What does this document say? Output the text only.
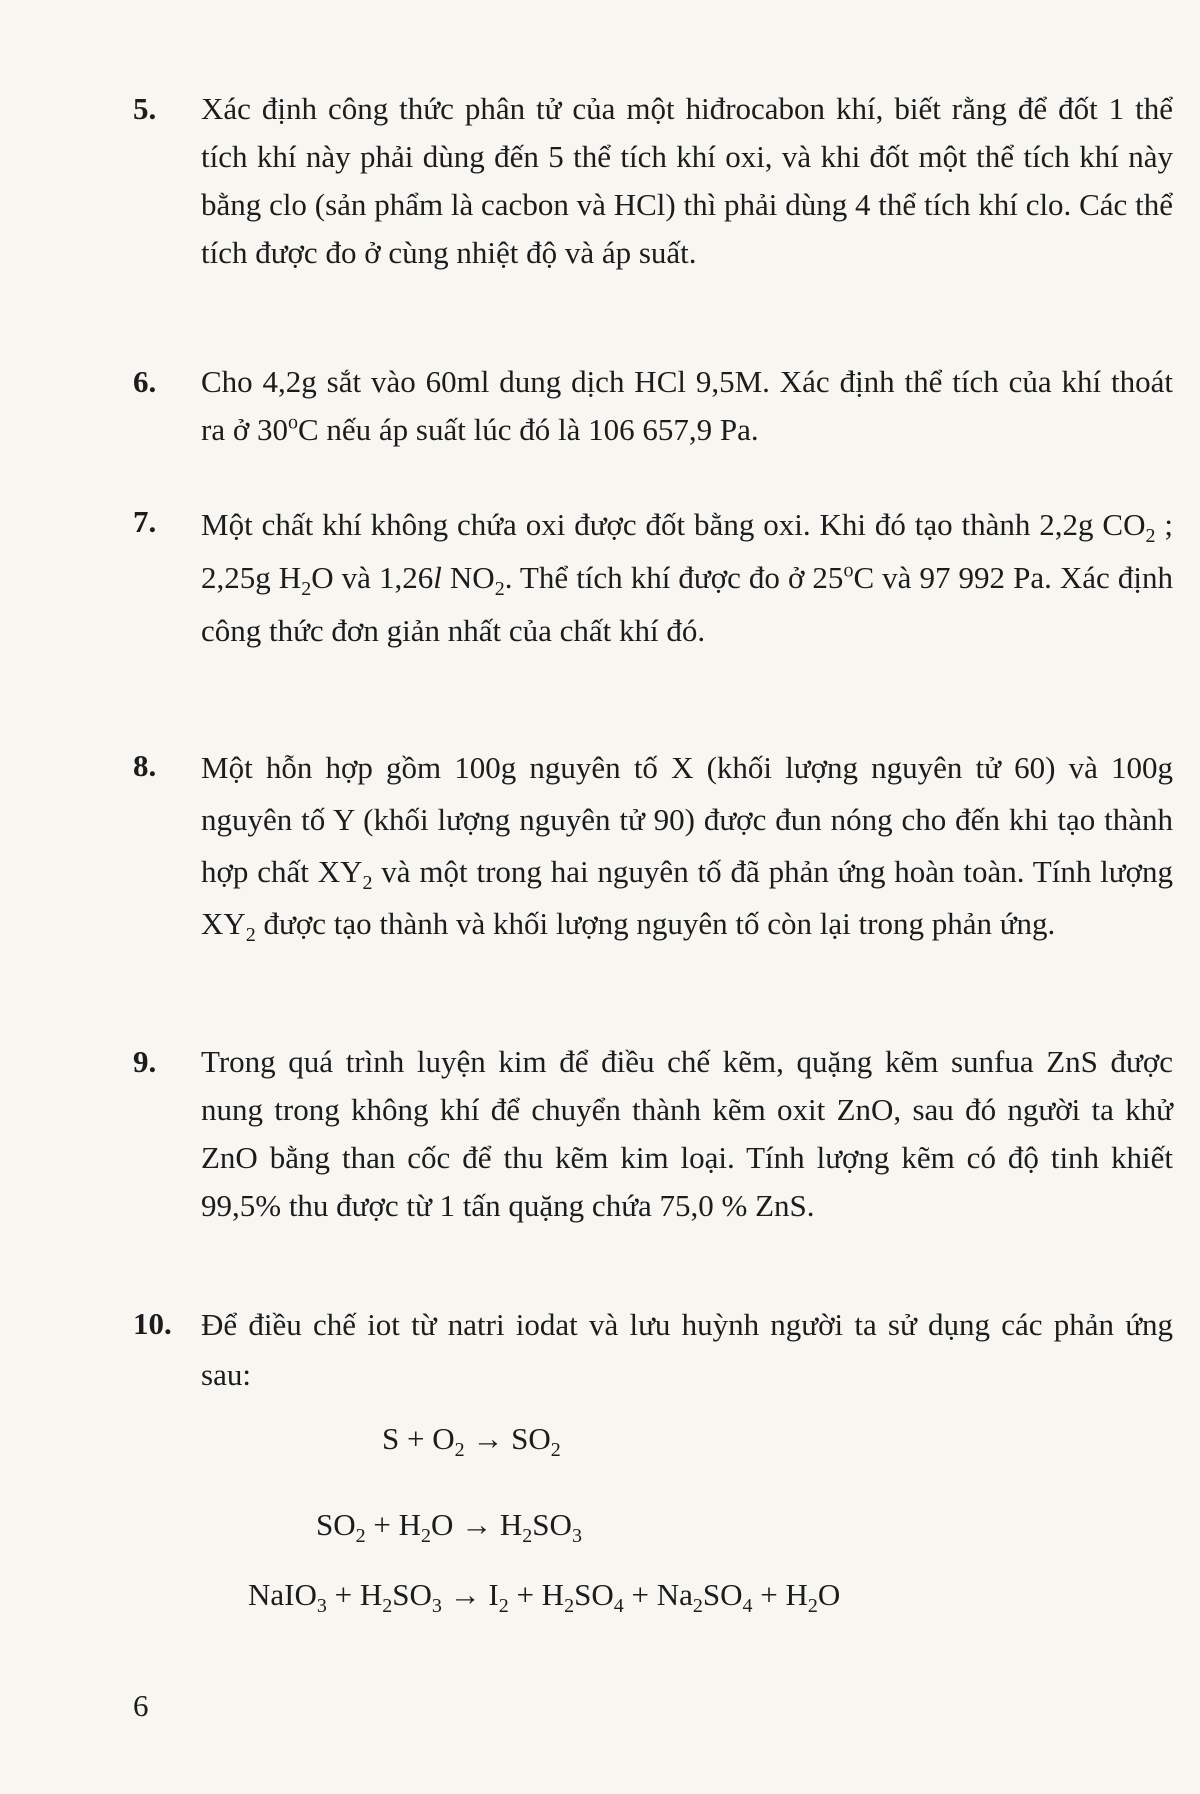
5.	Xác định công thức phân tử của một hiđrocabon khí, biết rằng để đốt 1 thể tích khí này phải dùng đến 5 thể tích khí oxi, và khi đốt một thể tích khí này bằng clo (sản phẩm là cacbon và HCl) thì phải dùng 4 thể tích khí clo. Các thể tích được đo ở cùng nhiệt độ và áp suất.
6.	Cho 4,2g sắt vào 60ml dung dịch HCl 9,5M. Xác định thể tích của khí thoát ra ở 30$^o$C nếu áp suất lúc đó là 106 657,9 Pa.
7.	Một chất khí không chứa oxi được đốt bằng oxi. Khi đó tạo thành 2,2g $CO_2$ ; 2,25g $H_2O$ và 1,26l $NO_2$. Thể tích khí được đo ở 25$^o$C và 97 992 Pa. Xác định công thức đơn giản nhất của chất khí đó.
8.	Một hỗn hợp gồm 100g nguyên tố X (khối lượng nguyên tử 60) và 100g nguyên tố Y (khối lượng nguyên tử 90) được đun nóng cho đến khi tạo thành hợp chất $XY_2$ và một trong hai nguyên tố đã phản ứng hoàn toàn. Tính lượng $XY_2$ được tạo thành và khối lượng nguyên tố còn lại trong phản ứng.
9.	Trong quá trình luyện kim để điều chế kẽm, quặng kẽm sunfua ZnS được nung trong không khí để chuyển thành kẽm oxit ZnO, sau đó người ta khử ZnO bằng than cốc để thu kẽm kim loại. Tính lượng kẽm có độ tinh khiết 99,5% thu được từ 1 tấn quặng chứa 75,0 % ZnS.
10. Để điều chế iot từ natri iodat và lưu huỳnh người ta sử dụng các phản ứng sau:
$S + O_2 \to SO_2$
$SO_2 + H_2O \to H_2SO_3$
NaIO$_3$ + $H_2SO_3 \to I_2 + H_2SO_4 + Na_2SO_4 + H_2O$
6
